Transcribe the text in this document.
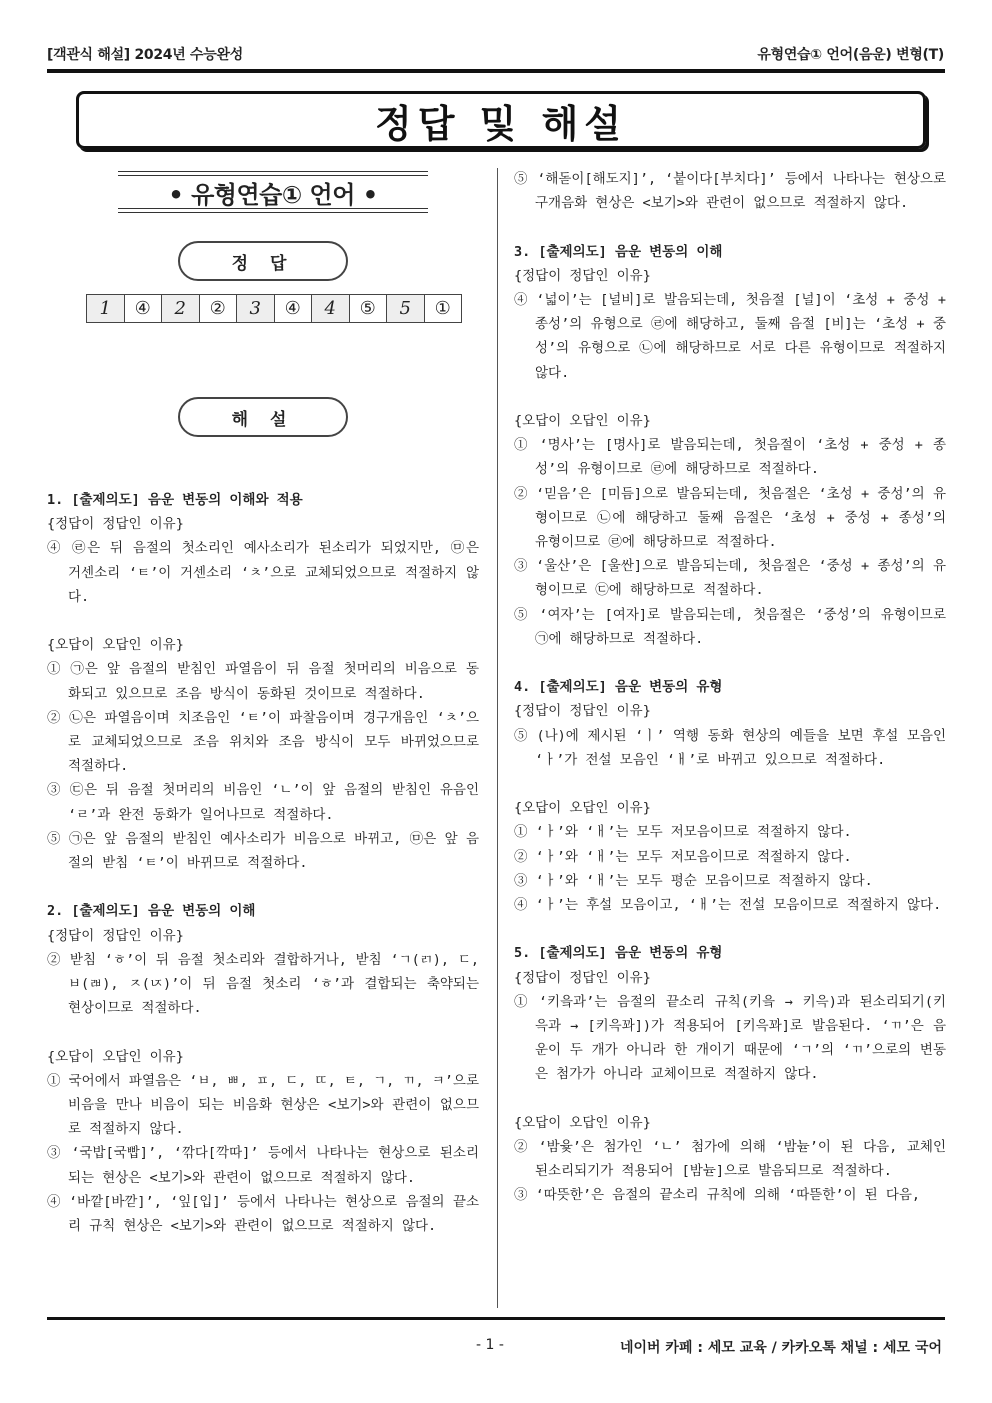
[객관식 해설] 2024년 수능완성	유형연습① 언어(음운) 변형(T)
정답 및 해설
• 유형연습① 언어 •
정 답
1	④	2	②	3	④	4	⑤	5	①
해 설
1. [출제의도] 음운 변동의 이해와 적용
{정답이 정답인 이유}
④ ㉣은 뒤 음절의 첫소리인 예사소리가 된소리가 되었지만, ㉤은 거센소리 ‘ㅌ’이 거센소리 ‘ㅊ’으로 교체되었으므로 적절하지 않다.
{오답이 오답인 이유}
① ㉠은 앞 음절의 받침인 파열음이 뒤 음절 첫머리의 비음으로 동화되고 있으므로 조음 방식이 동화된 것이므로 적절하다.
② ㉡은 파열음이며 치조음인 ‘ㅌ’이 파찰음이며 경구개음인 ‘ㅊ’으로 교체되었으므로 조음 위치와 조음 방식이 모두 바뀌었으므로 적절하다.
③ ㉢은 뒤 음절 첫머리의 비음인 ‘ㄴ’이 앞 음절의 받침인 유음인 ‘ㄹ’과 완전 동화가 일어나므로 적절하다.
⑤ ㉠은 앞 음절의 받침인 예사소리가 비음으로 바뀌고, ㉤은 앞 음절의 받침 ‘ㅌ’이 바뀌므로 적절하다.
2. [출제의도] 음운 변동의 이해
{정답이 정답인 이유}
② 받침 ‘ㅎ’이 뒤 음절 첫소리와 결합하거나, 받침 ‘ㄱ(ㄺ), ㄷ, ㅂ(ㄼ), ㅈ(ㄵ)’이 뒤 음절 첫소리 ‘ㅎ’과 결합되는 축약되는 현상이므로 적절하다.
{오답이 오답인 이유}
① 국어에서 파열음은 ‘ㅂ, ㅃ, ㅍ, ㄷ, ㄸ, ㅌ, ㄱ, ㄲ, ㅋ’으로 비음을 만나 비음이 되는 비음화 현상은 <보기>와 관련이 없으므로 적절하지 않다.
③ ‘국밥[국빱]’, ‘깎다[깍따]’ 등에서 나타나는 현상으로 된소리 되는 현상은 <보기>와 관련이 없으므로 적절하지 않다.
④ ‘바깥[바깓]’, ‘잎[입]’ 등에서 나타나는 현상으로 음절의 끝소리 규칙 현상은 <보기>와 관련이 없으므로 적절하지 않다.
⑤ ‘해돋이[해도지]’, ‘붙이다[부치다]’ 등에서 나타나는 현상으로 구개음화 현상은 <보기>와 관련이 없으므로 적절하지 않다.
3. [출제의도] 음운 변동의 이해
{정답이 정답인 이유}
④ ‘넓이’는 [널비]로 발음되는데, 첫음절 [널]이 ‘초성 + 중성 + 종성’의 유형으로 ㉣에 해당하고, 둘째 음절 [비]는 ‘초성 + 중성’의 유형으로 ㉡에 해당하므로 서로 다른 유형이므로 적절하지 않다.
{오답이 오답인 이유}
① ‘명사’는 [명사]로 발음되는데, 첫음절이 ‘초성 + 중성 + 종성’의 유형이므로 ㉣에 해당하므로 적절하다.
② ‘믿음’은 [미듬]으로 발음되는데, 첫음절은 ‘초성 + 중성’의 유형이므로 ㉡에 해당하고 둘째 음절은 ‘초성 + 중성 + 종성’의 유형이므로 ㉣에 해당하므로 적절하다.
③ ‘울산’은 [울싼]으로 발음되는데, 첫음절은 ‘중성 + 종성’의 유형이므로 ㉢에 해당하므로 적절하다.
⑤ ‘여자’는 [여자]로 발음되는데, 첫음절은 ‘중성’의 유형이므로 ㉠에 해당하므로 적절하다.
4. [출제의도] 음운 변동의 유형
{정답이 정답인 이유}
⑤ (나)에 제시된 ‘ㅣ’ 역행 동화 현상의 예들을 보면 후설 모음인 ‘ㅏ’가 전설 모음인 ‘ㅐ’로 바뀌고 있으므로 적절하다.
{오답이 오답인 이유}
① ‘ㅏ’와 ‘ㅐ’는 모두 저모음이므로 적절하지 않다.
② ‘ㅏ’와 ‘ㅐ’는 모두 저모음이므로 적절하지 않다.
③ ‘ㅏ’와 ‘ㅐ’는 모두 평순 모음이므로 적절하지 않다.
④ ‘ㅏ’는 후설 모음이고, ‘ㅐ’는 전설 모음이므로 적절하지 않다.
5. [출제의도] 음운 변동의 유형
{정답이 정답인 이유}
① ‘키읔과’는 음절의 끝소리 규칙(키읔 → 키윽)과 된소리되기(키윽과 → [키윽꽈])가 적용되어 [키윽꽈]로 발음된다. ‘ㄲ’은 음운이 두 개가 아니라 한 개이기 때문에 ‘ㄱ’의 ‘ㄲ’으로의 변동은 첨가가 아니라 교체이므로 적절하지 않다.
{오답이 오답인 이유}
② ‘밤윷’은 첨가인 ‘ㄴ’ 첨가에 의해 ‘밤뉻’이 된 다음, 교체인 된소리되기가 적용되어 [밤뉻]으로 발음되므로 적절하다.
③ ‘따뜻한’은 음절의 끝소리 규칙에 의해 ‘따뜯한’이 된 다음,
- 1 -	네이버 카페 : 세모 교육 / 카카오톡 채널 : 세모 국어
